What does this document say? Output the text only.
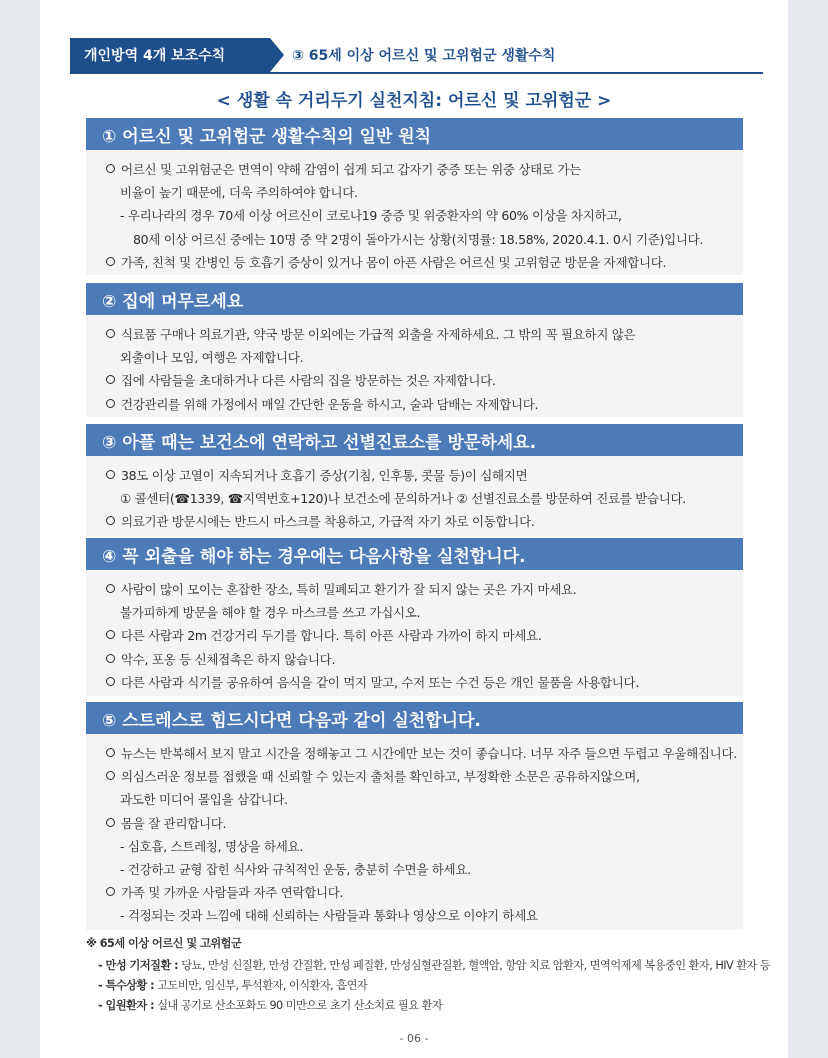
개인방역 4개 보조수칙	③ 65세 이상 어르신 및 고위험군 생활수칙
< 생활 속 거리두기 실천지침: 어르신 및 고위험군 >
① 어르신 및 고위험군 생활수칙의 일반 원칙
어르신 및 고위험군은 면역이 약해 감염이 쉽게 되고 갑자기 중증 또는 위중 상태로 가는
비율이 높기 때문에, 더욱 주의하여야 합니다.
- 우리나라의 경우 70세 이상 어르신이 코로나19 중증 및 위중환자의 약 60% 이상을 차지하고,
80세 이상 어르신 중에는 10명 중 약 2명이 돌아가시는 상황(치명률: 18.58%, 2020.4.1. 0시 기준)입니다.
가족, 친척 및 간병인 등 호흡기 증상이 있거나 몸이 아픈 사람은 어르신 및 고위험군 방문을 자제합니다.
② 집에 머무르세요
식료품 구매나 의료기관, 약국 방문 이외에는 가급적 외출을 자제하세요. 그 밖의 꼭 필요하지 않은
외출이나 모임, 여행은 자제합니다.
집에 사람들을 초대하거나 다른 사람의 집을 방문하는 것은 자제합니다.
건강관리를 위해 가정에서 매일 간단한 운동을 하시고, 술과 담배는 자제합니다.
③ 아플 때는 보건소에 연락하고 선별진료소를 방문하세요.
38도 이상 고열이 지속되거나 호흡기 증상(기침, 인후통, 콧물 등)이 심해지면
① 콜센터(☎1339, ☎지역번호+120)나 보건소에 문의하거나 ② 선별진료소를 방문하여 진료를 받습니다.
의료기관 방문시에는 반드시 마스크를 착용하고, 가급적 자기 차로 이동합니다.
④ 꼭 외출을 해야 하는 경우에는 다음사항을 실천합니다.
사람이 많이 모이는 혼잡한 장소, 특히 밀폐되고 환기가 잘 되지 않는 곳은 가지 마세요.
불가피하게 방문을 해야 할 경우 마스크를 쓰고 가십시오.
다른 사람과 2m 건강거리 두기를 합니다. 특히 아픈 사람과 가까이 하지 마세요.
악수, 포옹 등 신체접촉은 하지 않습니다.
다른 사람과 식기를 공유하여 음식을 같이 먹지 말고, 수저 또는 수건 등은 개인 물품을 사용합니다.
⑤ 스트레스로 힘드시다면 다음과 같이 실천합니다.
뉴스는 반복해서 보지 말고 시간을 정해놓고 그 시간에만 보는 것이 좋습니다. 너무 자주 들으면 두렵고 우울해집니다.
의심스러운 정보를 접했을 때 신뢰할 수 있는지 출처를 확인하고, 부정확한 소문은 공유하지않으며,
과도한 미디어 몰입을 삼갑니다.
몸을 잘 관리합니다.
- 심호흡, 스트레칭, 명상을 하세요.
- 건강하고 균형 잡힌 식사와 규칙적인 운동, 충분히 수면을 하세요.
가족 및 가까운 사람들과 자주 연락합니다.
- 걱정되는 것과 느낌에 대해 신뢰하는 사람들과 통화나 영상으로 이야기 하세요
※ 65세 이상 어르신 및 고위험군
- 만성 기저질환 : 당뇨, 만성 신질환, 만성 간질환, 만성 폐질환, 만성심혈관질환, 혈액암, 항암 치료 암환자, 면역억제제 복용중인 환자, HIV 환자 등
- 특수상황 : 고도비만, 임신부, 투석환자, 이식환자, 흡연자
- 입원환자 : 실내 공기로 산소포화도 90 미만으로 초기 산소치료 필요 환자
- 06 -
